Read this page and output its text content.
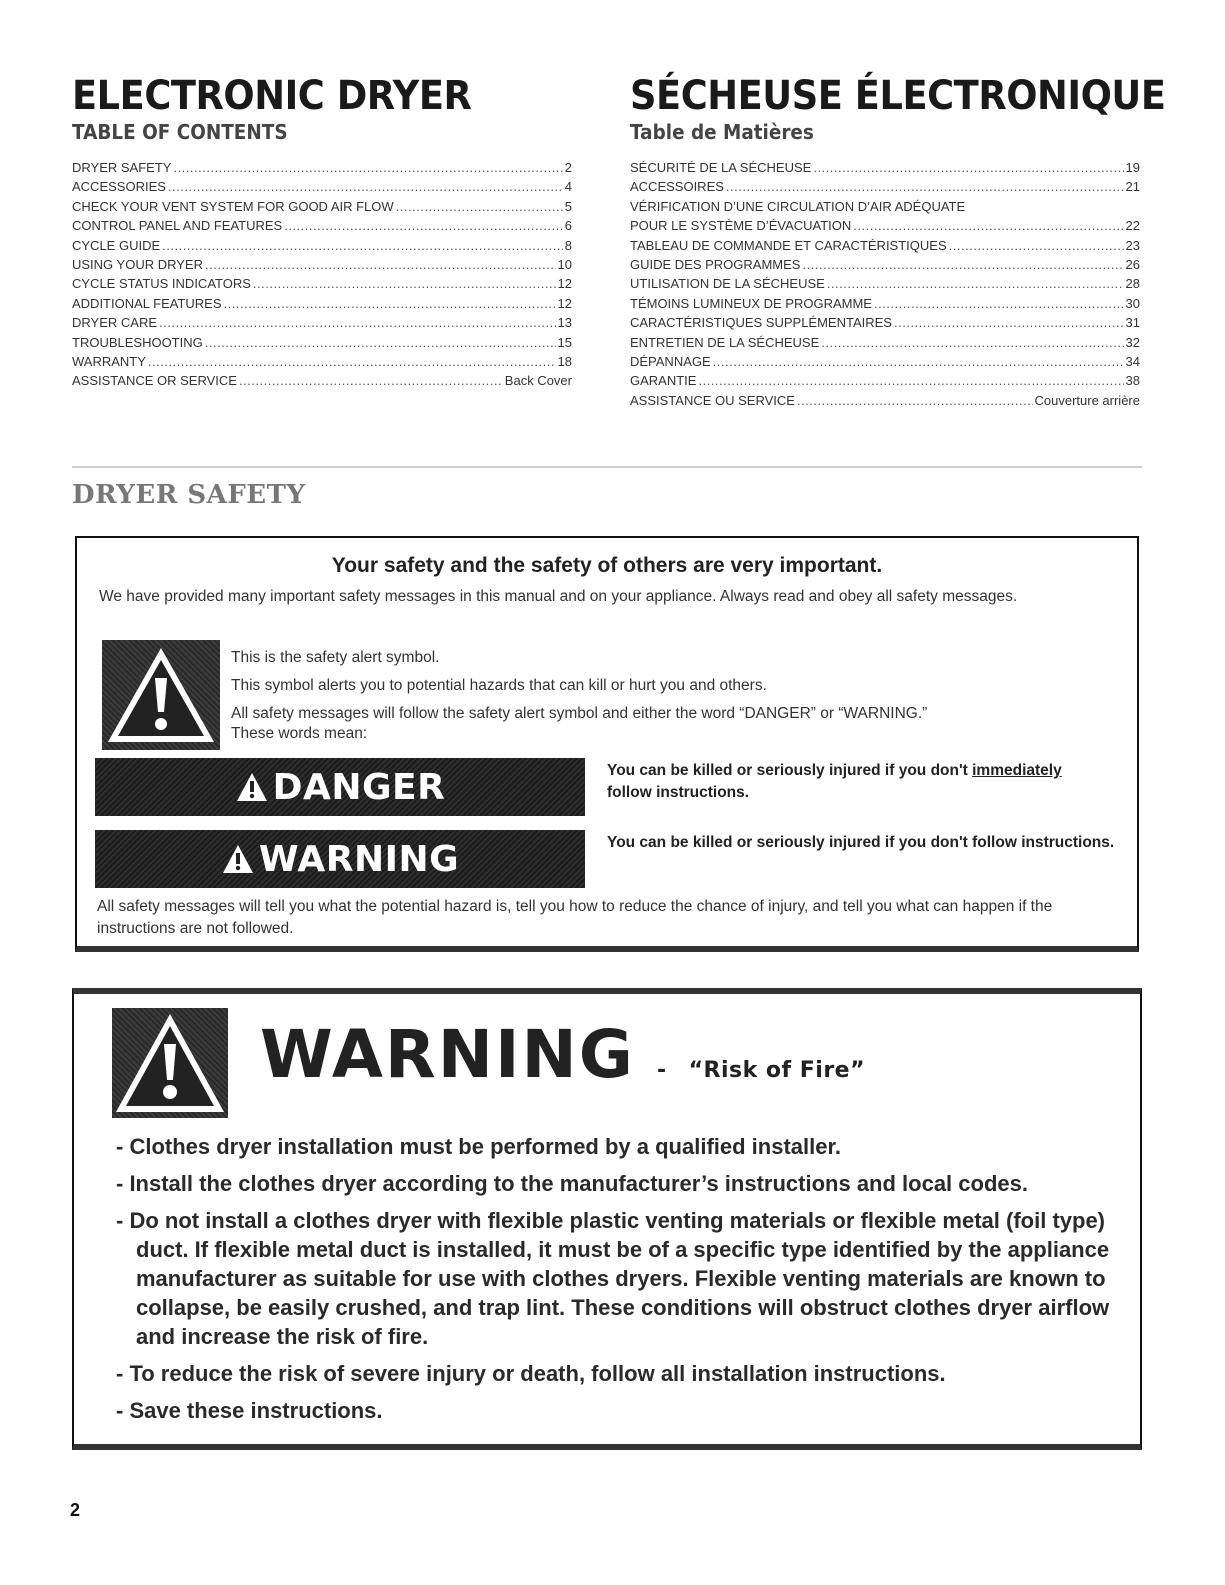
ELECTRONIC DRYER
TABLE OF CONTENTS
DRYER SAFETY .....	2
ACCESSORIES .....	4
CHECK YOUR VENT SYSTEM FOR GOOD AIR FLOW .....	5
CONTROL PANEL AND FEATURES .....	6
CYCLE GUIDE .....	8
USING YOUR DRYER .....	10
CYCLE STATUS INDICATORS .....	12
ADDITIONAL FEATURES .....	12
DRYER CARE .....	13
TROUBLESHOOTING .....	15
WARRANTY .....	18
ASSISTANCE OR SERVICE .....	Back Cover
SÉCHEUSE ÉLECTRONIQUE
Table de Matières
SÉCURITÉ DE LA SÉCHEUSE .....	19
ACCESSOIRES .....	21
VÉRIFICATION D’UNE CIRCULATION D’AIR ADÉQUATE
POUR LE SYSTÈME D’ÉVACUATION .....	22
TABLEAU DE COMMANDE ET CARACTÉRISTIQUES .....	23
GUIDE DES PROGRAMMES .....	26
UTILISATION DE LA SÉCHEUSE .....	28
TÉMOINS LUMINEUX DE PROGRAMME .....	30
CARACTÉRISTIQUES SUPPLÉMENTAIRES .....	31
ENTRETIEN DE LA SÉCHEUSE .....	32
DÉPANNAGE .....	34
GARANTIE .....	38
ASSISTANCE OU SERVICE .....	Couverture arrière
DRYER SAFETY
Your safety and the safety of others are very important.
We have provided many important safety messages in this manual and on your appliance. Always read and obey all safety messages.
This is the safety alert symbol.
This symbol alerts you to potential hazards that can kill or hurt you and others.
All safety messages will follow the safety alert symbol and either the word “DANGER” or “WARNING.”
These words mean:
DANGER	You can be killed or seriously injured if you don't immediately
follow instructions.
WARNING	You can be killed or seriously injured if you don't follow instructions.
All safety messages will tell you what the potential hazard is, tell you how to reduce the chance of injury, and tell you what can happen if the instructions are not followed.
WARNING - “Risk of Fire”
- Clothes dryer installation must be performed by a qualified installer.
- Install the clothes dryer according to the manufacturer’s instructions and local codes.
- Do not install a clothes dryer with flexible plastic venting materials or flexible metal (foil type) duct. If flexible metal duct is installed, it must be of a specific type identified by the appliance manufacturer as suitable for use with clothes dryers. Flexible venting materials are known to collapse, be easily crushed, and trap lint. These conditions will obstruct clothes dryer airflow and increase the risk of fire.
- To reduce the risk of severe injury or death, follow all installation instructions.
- Save these instructions.
2
